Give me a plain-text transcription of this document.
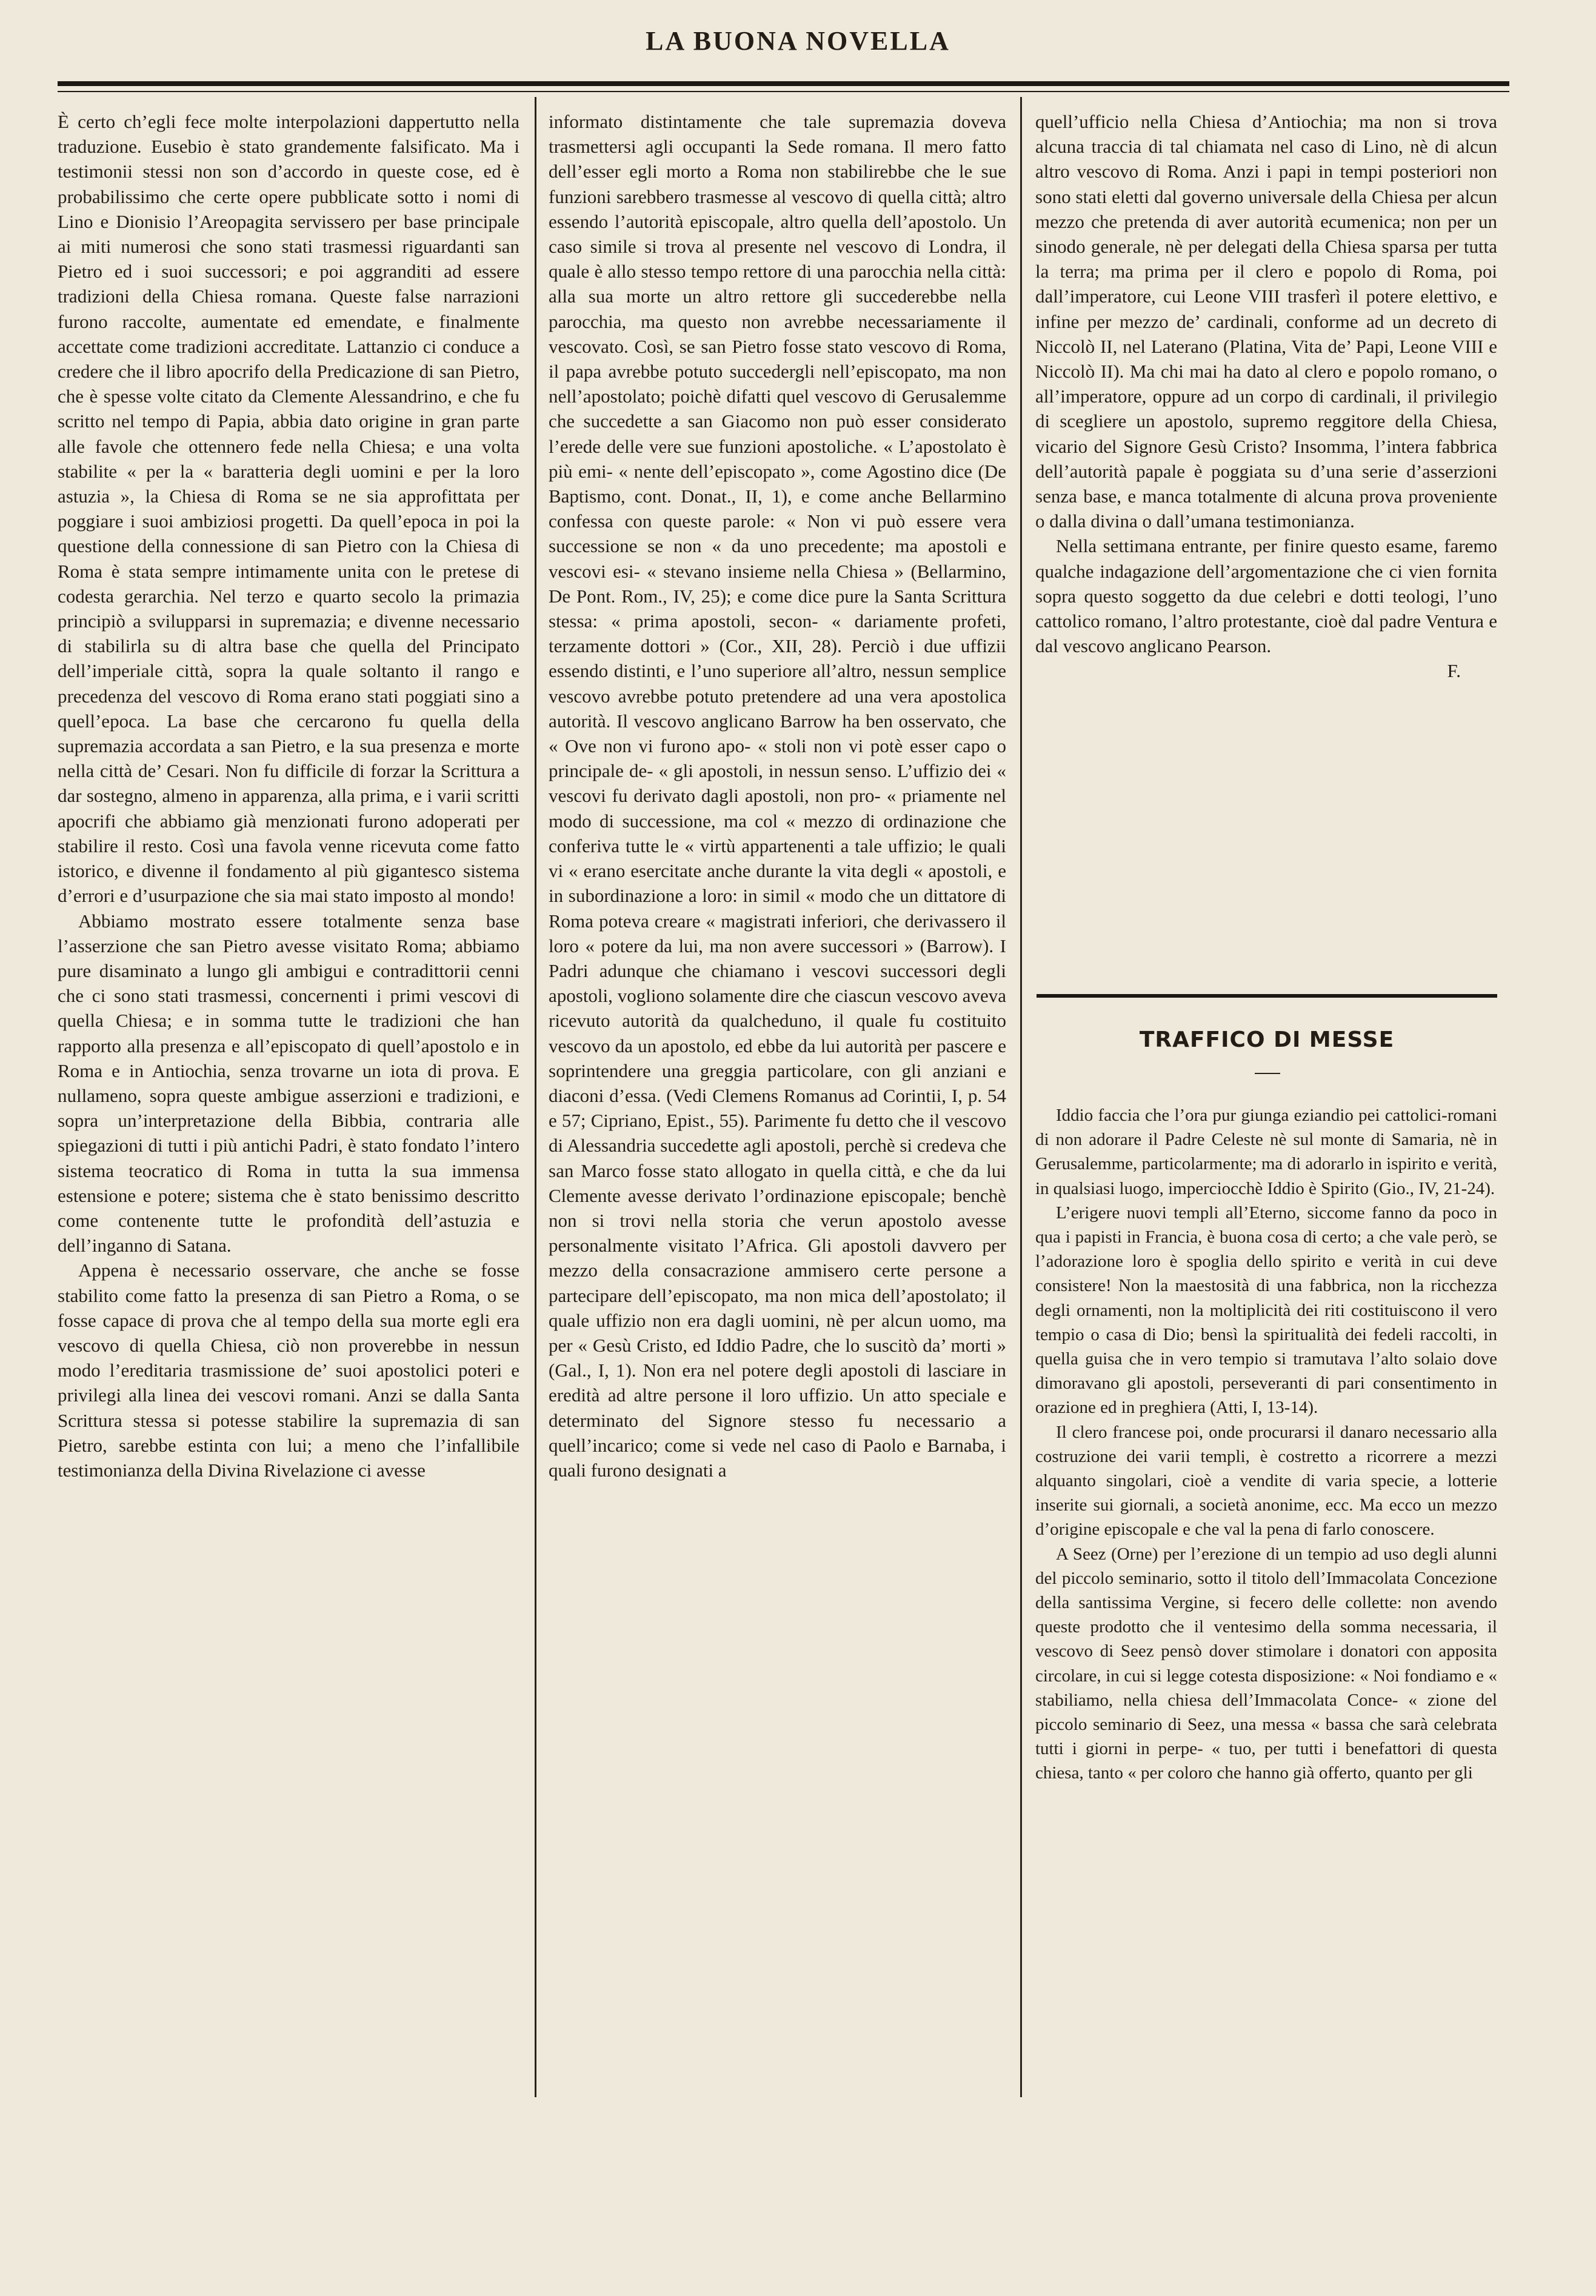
LA BUONA NOVELLA

È certo ch’egli fece molte interpolazioni dappertutto nella traduzione. Eusebio è stato grandemente falsificato. Ma i testimonii stessi non son d’accordo in queste cose, ed è probabilissimo che certe opere pubblicate sotto i nomi di Lino e Dionisio l’Areopagita servissero per base principale ai miti numerosi che sono stati trasmessi riguardanti san Pietro ed i suoi successori; e poi aggranditi ad essere tradizioni della Chiesa romana. Queste false narrazioni furono raccolte, aumentate ed emendate, e finalmente accettate come tradizioni accreditate. Lattanzio ci conduce a credere che il libro apocrifo della Predicazione di san Pietro, che è spesse volte citato da Clemente Alessandrino, e che fu scritto nel tempo di Papia, abbia dato origine in gran parte alle favole che ottennero fede nella Chiesa; e una volta stabilite « per la « baratteria degli uomini e per la loro astuzia », la Chiesa di Roma se ne sia approfittata per poggiare i suoi ambiziosi progetti. Da quell’epoca in poi la questione della connessione di san Pietro con la Chiesa di Roma è stata sempre intimamente unita con le pretese di codesta gerarchia. Nel terzo e quarto secolo la primazia principiò a svilupparsi in supremazia; e divenne necessario di stabilirla su di altra base che quella del Principato dell’imperiale città, sopra la quale soltanto il rango e precedenza del vescovo di Roma erano stati poggiati sino a quell’epoca. La base che cercarono fu quella della supremazia accordata a san Pietro, e la sua presenza e morte nella città de’ Cesari. Non fu difficile di forzar la Scrittura a dar sostegno, almeno in apparenza, alla prima, e i varii scritti apocrifi che abbiamo già menzionati furono adoperati per stabilire il resto. Così una favola venne ricevuta come fatto istorico, e divenne il fondamento al più gigantesco sistema d’errori e d’usurpazione che sia mai stato imposto al mondo!

Abbiamo mostrato essere totalmente senza base l’asserzione che san Pietro avesse visitato Roma; abbiamo pure disaminato a lungo gli ambigui e contradittorii cenni che ci sono stati trasmessi, concernenti i primi vescovi di quella Chiesa; e in somma tutte le tradizioni che han rapporto alla presenza e all’episcopato di quell’apostolo e in Roma e in Antiochia, senza trovarne un iota di prova. E nullameno, sopra queste ambigue asserzioni e tradizioni, e sopra un’interpretazione della Bibbia, contraria alle spiegazioni di tutti i più antichi Padri, è stato fondato l’intero sistema teocratico di Roma in tutta la sua immensa estensione e potere; sistema che è stato benissimo descritto come contenente tutte le profondità dell’astuzia e dell’inganno di Satana.

Appena è necessario osservare, che anche se fosse stabilito come fatto la presenza di san Pietro a Roma, o se fosse capace di prova che al tempo della sua morte egli era vescovo di quella Chiesa, ciò non proverebbe in nessun modo l’ereditaria trasmissione de’ suoi apostolici poteri e privilegi alla linea dei vescovi romani. Anzi se dalla Santa Scrittura stessa si potesse stabilire la supremazia di san Pietro, sarebbe estinta con lui; a meno che l’infallibile testimonianza della Divina Rivelazione ci avesse

informato distintamente che tale supremazia doveva trasmettersi agli occupanti la Sede romana. Il mero fatto dell’esser egli morto a Roma non stabilirebbe che le sue funzioni sarebbero trasmesse al vescovo di quella città; altro essendo l’autorità episcopale, altro quella dell’apostolo. Un caso simile si trova al presente nel vescovo di Londra, il quale è allo stesso tempo rettore di una parocchia nella città: alla sua morte un altro rettore gli succederebbe nella parocchia, ma questo non avrebbe necessariamente il vescovato. Così, se san Pietro fosse stato vescovo di Roma, il papa avrebbe potuto succedergli nell’episcopato, ma non nell’apostolato; poichè difatti quel vescovo di Gerusalemme che succedette a san Giacomo non può esser considerato l’erede delle vere sue funzioni apostoliche. « L’apostolato è più emi- « nente dell’episcopato », come Agostino dice (De Baptismo, cont. Donat., II, 1), e come anche Bellarmino confessa con queste parole: « Non vi può essere vera successione se non « da uno precedente; ma apostoli e vescovi esi- « stevano insieme nella Chiesa » (Bellarmino, De Pont. Rom., IV, 25); e come dice pure la Santa Scrittura stessa: « prima apostoli, secon- « dariamente profeti, terzamente dottori » (Cor., XII, 28). Perciò i due uffizii essendo distinti, e l’uno superiore all’altro, nessun semplice vescovo avrebbe potuto pretendere ad una vera apostolica autorità. Il vescovo anglicano Barrow ha ben osservato, che « Ove non vi furono apo- « stoli non vi potè esser capo o principale de- « gli apostoli, in nessun senso. L’uffizio dei « vescovi fu derivato dagli apostoli, non pro- « priamente nel modo di successione, ma col « mezzo di ordinazione che conferiva tutte le « virtù appartenenti a tale uffizio; le quali vi « erano esercitate anche durante la vita degli « apostoli, e in subordinazione a loro: in simil « modo che un dittatore di Roma poteva creare « magistrati inferiori, che derivassero il loro « potere da lui, ma non avere successori » (Barrow). I Padri adunque che chiamano i vescovi successori degli apostoli, vogliono solamente dire che ciascun vescovo aveva ricevuto autorità da qualcheduno, il quale fu costituito vescovo da un apostolo, ed ebbe da lui autorità per pascere e soprintendere una greggia particolare, con gli anziani e diaconi d’essa. (Vedi Clemens Romanus ad Corintii, I, p. 54 e 57; Cipriano, Epist., 55). Parimente fu detto che il vescovo di Alessandria succedette agli apostoli, perchè si credeva che san Marco fosse stato allogato in quella città, e che da lui Clemente avesse derivato l’ordinazione episcopale; benchè non si trovi nella storia che verun apostolo avesse personalmente visitato l’Africa. Gli apostoli davvero per mezzo della consacrazione ammisero certe persone a partecipare dell’episcopato, ma non mica dell’apostolato; il quale uffizio non era dagli uomini, nè per alcun uomo, ma per « Gesù Cristo, ed Iddio Padre, che lo suscitò da’ morti » (Gal., I, 1). Non era nel potere degli apostoli di lasciare in eredità ad altre persone il loro uffizio. Un atto speciale e determinato del Signore stesso fu necessario a quell’incarico; come si vede nel caso di Paolo e Barnaba, i quali furono designati a

quell’ufficio nella Chiesa d’Antiochia; ma non si trova alcuna traccia di tal chiamata nel caso di Lino, nè di alcun altro vescovo di Roma. Anzi i papi in tempi posteriori non sono stati eletti dal governo universale della Chiesa per alcun mezzo che pretenda di aver autorità ecumenica; non per un sinodo generale, nè per delegati della Chiesa sparsa per tutta la terra; ma prima per il clero e popolo di Roma, poi dall’imperatore, cui Leone VIII trasferì il potere elettivo, e infine per mezzo de’ cardinali, conforme ad un decreto di Niccolò II, nel Laterano (Platina, Vita de’ Papi, Leone VIII e Niccolò II). Ma chi mai ha dato al clero e popolo romano, o all’imperatore, oppure ad un corpo di cardinali, il privilegio di scegliere un apostolo, supremo reggitore della Chiesa, vicario del Signore Gesù Cristo? Insomma, l’intera fabbrica dell’autorità papale è poggiata su d’una serie d’asserzioni senza base, e manca totalmente di alcuna prova proveniente o dalla divina o dall’umana testimonianza.

Nella settimana entrante, per finire questo esame, faremo qualche indagazione dell’argomentazione che ci vien fornita sopra questo soggetto da due celebri e dotti teologi, l’uno cattolico romano, l’altro protestante, cioè dal padre Ventura e dal vescovo anglicano Pearson.

F.

TRAFFICO DI MESSE

Iddio faccia che l’ora pur giunga eziandio pei cattolici-romani di non adorare il Padre Celeste nè sul monte di Samaria, nè in Gerusalemme, particolarmente; ma di adorarlo in ispirito e verità, in qualsiasi luogo, imperciocchè Iddio è Spirito (Gio., IV, 21-24).

L’erigere nuovi templi all’Eterno, siccome fanno da poco in qua i papisti in Francia, è buona cosa di certo; a che vale però, se l’adorazione loro è spoglia dello spirito e verità in cui deve consistere! Non la maestosità di una fabbrica, non la ricchezza degli ornamenti, non la moltiplicità dei riti costituiscono il vero tempio o casa di Dio; bensì la spiritualità dei fedeli raccolti, in quella guisa che in vero tempio si tramutava l’alto solaio dove dimoravano gli apostoli, perseveranti di pari consentimento in orazione ed in preghiera (Atti, I, 13-14).

Il clero francese poi, onde procurarsi il danaro necessario alla costruzione dei varii templi, è costretto a ricorrere a mezzi alquanto singolari, cioè a vendite di varia specie, a lotterie inserite sui giornali, a società anonime, ecc. Ma ecco un mezzo d’origine episcopale e che val la pena di farlo conoscere.

A Seez (Orne) per l’erezione di un tempio ad uso degli alunni del piccolo seminario, sotto il titolo dell’Immacolata Concezione della santissima Vergine, si fecero delle collette: non avendo queste prodotto che il ventesimo della somma necessaria, il vescovo di Seez pensò dover stimolare i donatori con apposita circolare, in cui si legge cotesta disposizione: « Noi fondiamo e « stabiliamo, nella chiesa dell’Immacolata Conce- « zione del piccolo seminario di Seez, una messa « bassa che sarà celebrata tutti i giorni in perpe- « tuo, per tutti i benefattori di questa chiesa, tanto « per coloro che hanno già offerto, quanto per gli
